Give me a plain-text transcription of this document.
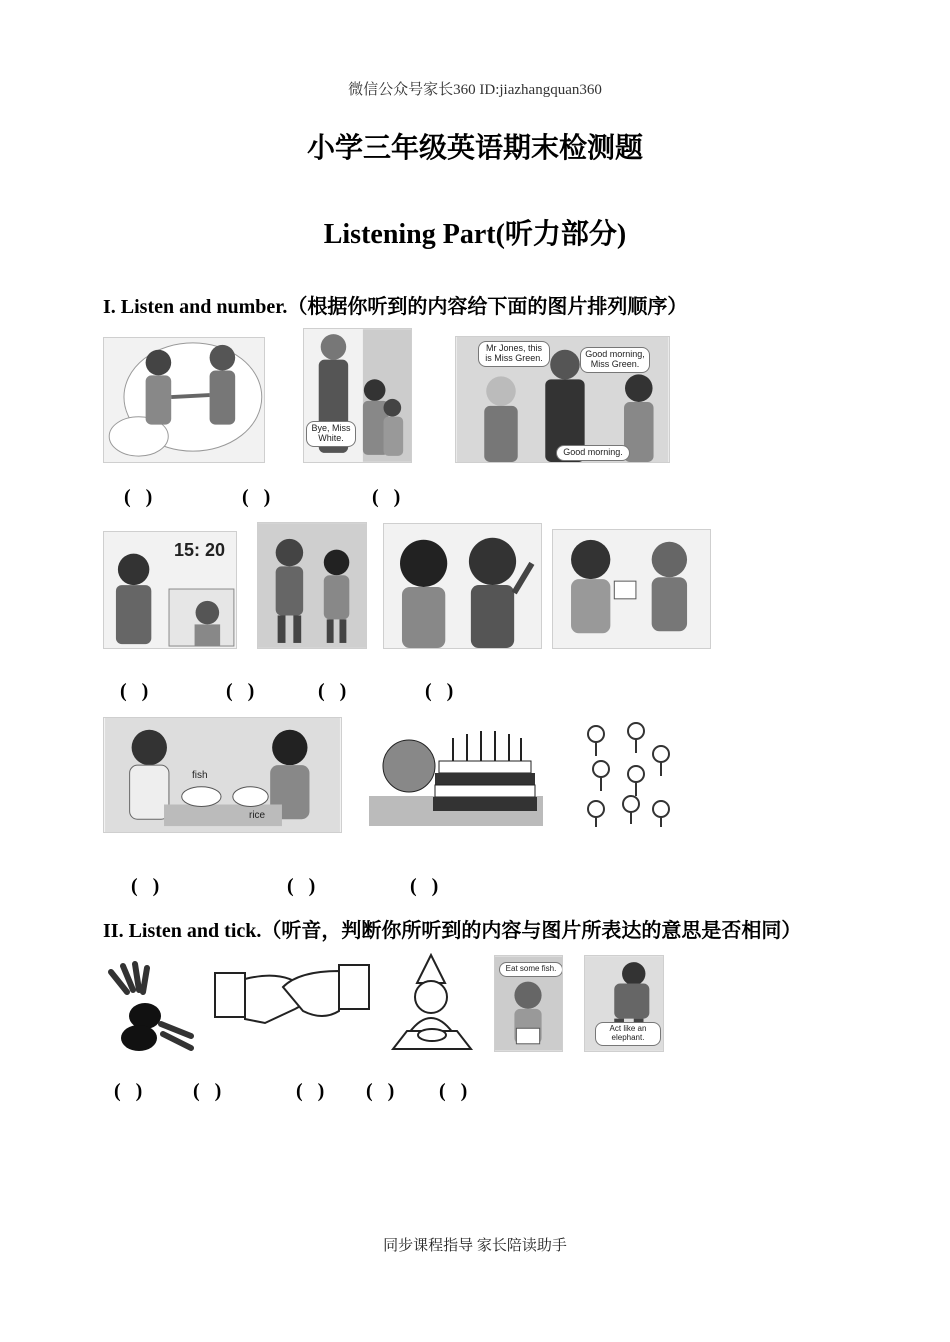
微信公众号家长360 ID:jiazhangquan360
小学三年级英语期末检测题
Listening Part(听力部分)
I. Listen and number.（根据你听到的内容给下面的图片排列顺序）
Bye, Miss White.
Mr Jones, this is Miss Green.	Good morning, Miss Green.
Good morning.
(   )	(   )	(   )
15: 20
(   )	(   )	(   )	(   )
fish
rice
(   )	(   )	(   )
II. Listen and tick.（听音，判断你所听到的内容与图片所表达的意思是否相同）
Eat some fish.
Act like an elephant.
(   )	(   )	(   ) (   ) (   )
同步课程指导 家长陪读助手
